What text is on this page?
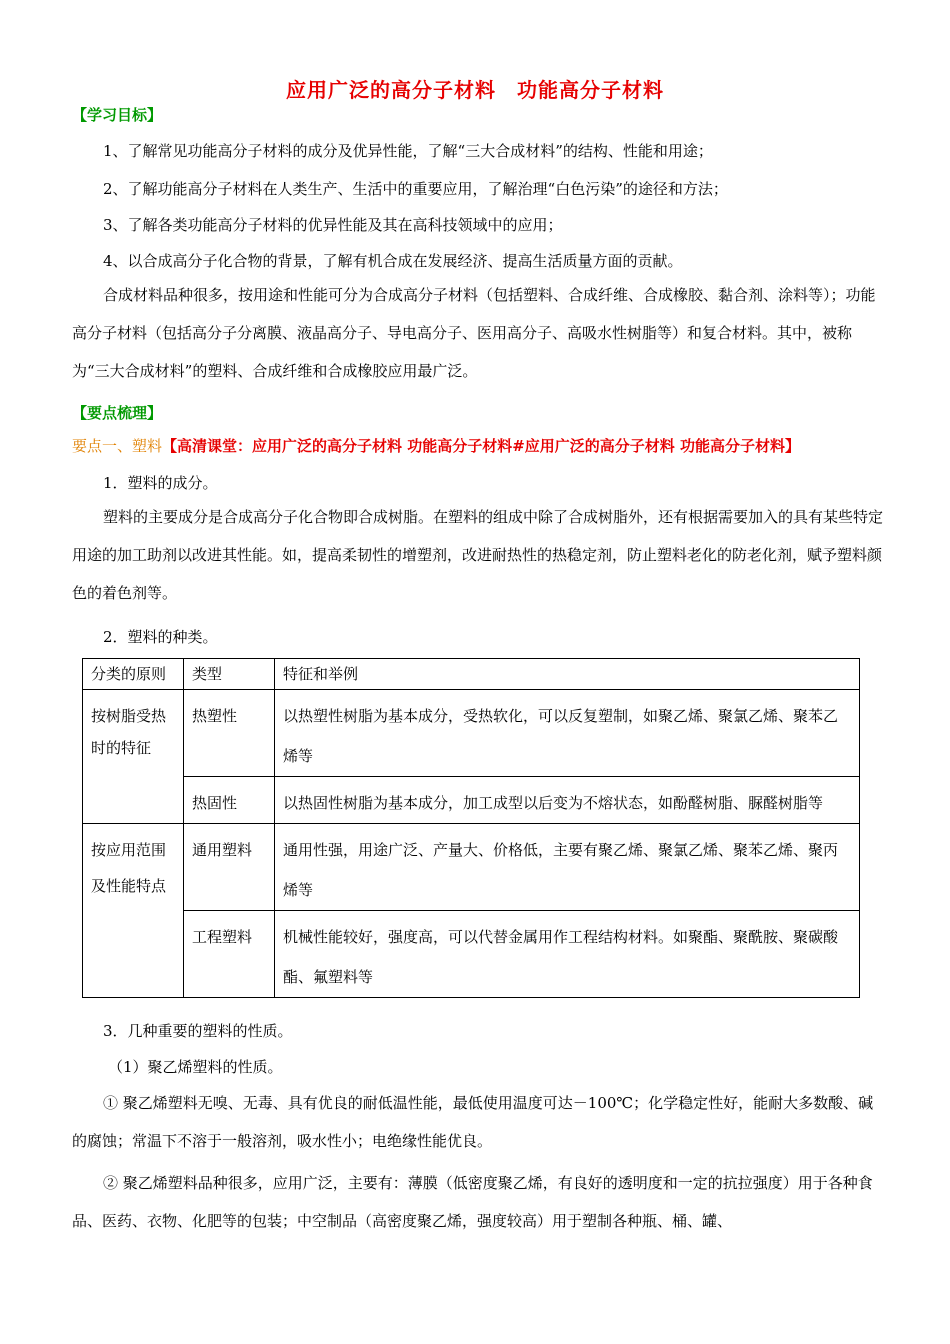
应用广泛的高分子材料　功能高分子材料
【学习目标】
1、了解常见功能高分子材料的成分及优异性能，了解“三大合成材料”的结构、性能和用途；
2、了解功能高分子材料在人类生产、生活中的重要应用，了解治理“白色污染”的途径和方法；
3、了解各类功能高分子材料的优异性能及其在高科技领域中的应用；
4、以合成高分子化合物的背景，了解有机合成在发展经济、提高生活质量方面的贡献。
合成材料品种很多，按用途和性能可分为合成高分子材料（包括塑料、合成纤维、合成橡胶、黏合剂、涂料等）；功能高分子材料（包括高分子分离膜、液晶高分子、导电高分子、医用高分子、高吸水性树脂等）和复合材料。其中，被称为“三大合成材料”的塑料、合成纤维和合成橡胶应用最广泛。
【要点梳理】
要点一、塑料【高清课堂：应用广泛的高分子材料 功能高分子材料#应用广泛的高分子材料 功能高分子材料】
1．塑料的成分。
塑料的主要成分是合成高分子化合物即合成树脂。在塑料的组成中除了合成树脂外，还有根据需要加入的具有某些特定用途的加工助剂以改进其性能。如，提高柔韧性的增塑剂，改进耐热性的热稳定剂，防止塑料老化的防老化剂，赋予塑料颜色的着色剂等。
2．塑料的种类。
分类的原则	类型	特征和举例
按树脂受热时的特征	热塑性	以热塑性树脂为基本成分，受热软化，可以反复塑制，如聚乙烯、聚氯乙烯、聚苯乙烯等
	热固性	以热固性树脂为基本成分，加工成型以后变为不熔状态，如酚醛树脂、脲醛树脂等
按应用范围及性能特点	通用塑料	通用性强，用途广泛、产量大、价格低，主要有聚乙烯、聚氯乙烯、聚苯乙烯、聚丙烯等
	工程塑料	机械性能较好，强度高，可以代替金属用作工程结构材料。如聚酯、聚酰胺、聚碳酸酯、氟塑料等
3．几种重要的塑料的性质。
（1）聚乙烯塑料的性质。
① 聚乙烯塑料无嗅、无毒、具有优良的耐低温性能，最低使用温度可达－100℃；化学稳定性好，能耐大多数酸、碱的腐蚀；常温下不溶于一般溶剂，吸水性小；电绝缘性能优良。
② 聚乙烯塑料品种很多，应用广泛，主要有：薄膜（低密度聚乙烯，有良好的透明度和一定的抗拉强度）用于各种食品、医药、衣物、化肥等的包装；中空制品（高密度聚乙烯，强度较高）用于塑制各种瓶、桶、罐、
